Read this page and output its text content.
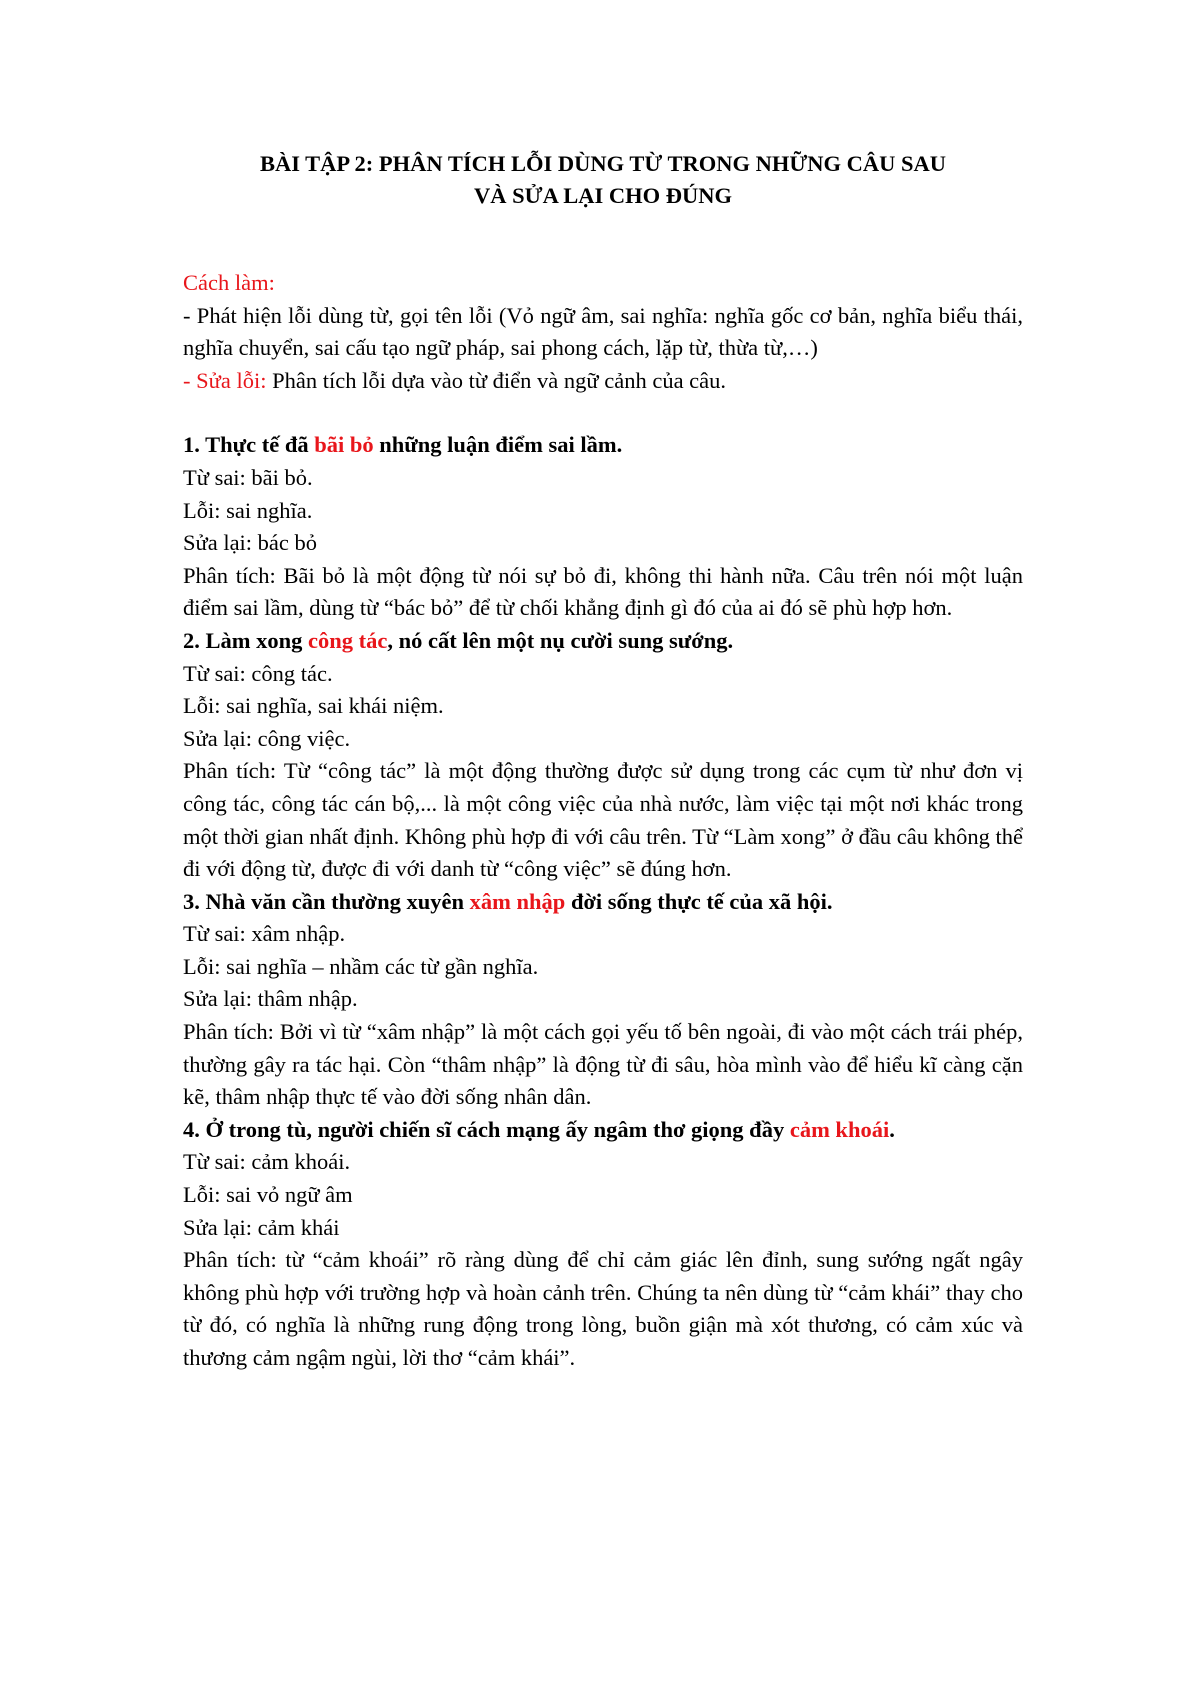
BÀI TẬP 2: PHÂN TÍCH LỖI DÙNG TỪ TRONG NHỮNG CÂU SAU
VÀ SỬA LẠI CHO ĐÚNG

Cách làm:

- Phát hiện lỗi dùng từ, gọi tên lỗi (Vỏ ngữ âm, sai nghĩa: nghĩa gốc cơ bản, nghĩa biểu thái, nghĩa chuyển, sai cấu tạo ngữ pháp, sai phong cách, lặp từ, thừa từ,…)

- Sửa lỗi: Phân tích lỗi dựa vào từ điển và ngữ cảnh của câu.

1. Thực tế đã bãi bỏ những luận điểm sai lầm.

Từ sai: bãi bỏ.

Lỗi: sai nghĩa.

Sửa lại: bác bỏ

Phân tích: Bãi bỏ là một động từ nói sự bỏ đi, không thi hành nữa. Câu trên nói một luận điểm sai lầm, dùng từ “bác bỏ” để từ chối khẳng định gì đó của ai đó sẽ phù hợp hơn.

2. Làm xong công tác, nó cất lên một nụ cười sung sướng.

Từ sai: công tác.

Lỗi: sai nghĩa, sai khái niệm.

Sửa lại: công việc.

Phân tích: Từ “công tác” là một động thường được sử dụng trong các cụm từ như đơn vị công tác, công tác cán bộ,... là một công việc của nhà nước, làm việc tại một nơi khác trong một thời gian nhất định. Không phù hợp đi với câu trên. Từ “Làm xong” ở đầu câu không thể đi với động từ, được đi với danh từ “công việc” sẽ đúng hơn.

3. Nhà văn cần thường xuyên xâm nhập đời sống thực tế của xã hội.

Từ sai: xâm nhập.

Lỗi: sai nghĩa – nhầm các từ gần nghĩa.

Sửa lại: thâm nhập.

Phân tích: Bởi vì từ “xâm nhập” là một cách gọi yếu tố bên ngoài, đi vào một cách trái phép, thường gây ra tác hại. Còn “thâm nhập” là động từ đi sâu, hòa mình vào để hiểu kĩ càng cặn kẽ, thâm nhập thực tế vào đời sống nhân dân.

4. Ở trong tù, người chiến sĩ cách mạng ấy ngâm thơ giọng đầy cảm khoái.

Từ sai: cảm khoái.

Lỗi: sai vỏ ngữ âm

Sửa lại: cảm khái

Phân tích: từ “cảm khoái” rõ ràng dùng để chỉ cảm giác lên đỉnh, sung sướng ngất ngây không phù hợp với trường hợp và hoàn cảnh trên. Chúng ta nên dùng từ “cảm khái” thay cho từ đó, có nghĩa là những rung động trong lòng, buồn giận mà xót thương, có cảm xúc và thương cảm ngậm ngùi, lời thơ “cảm khái”.
